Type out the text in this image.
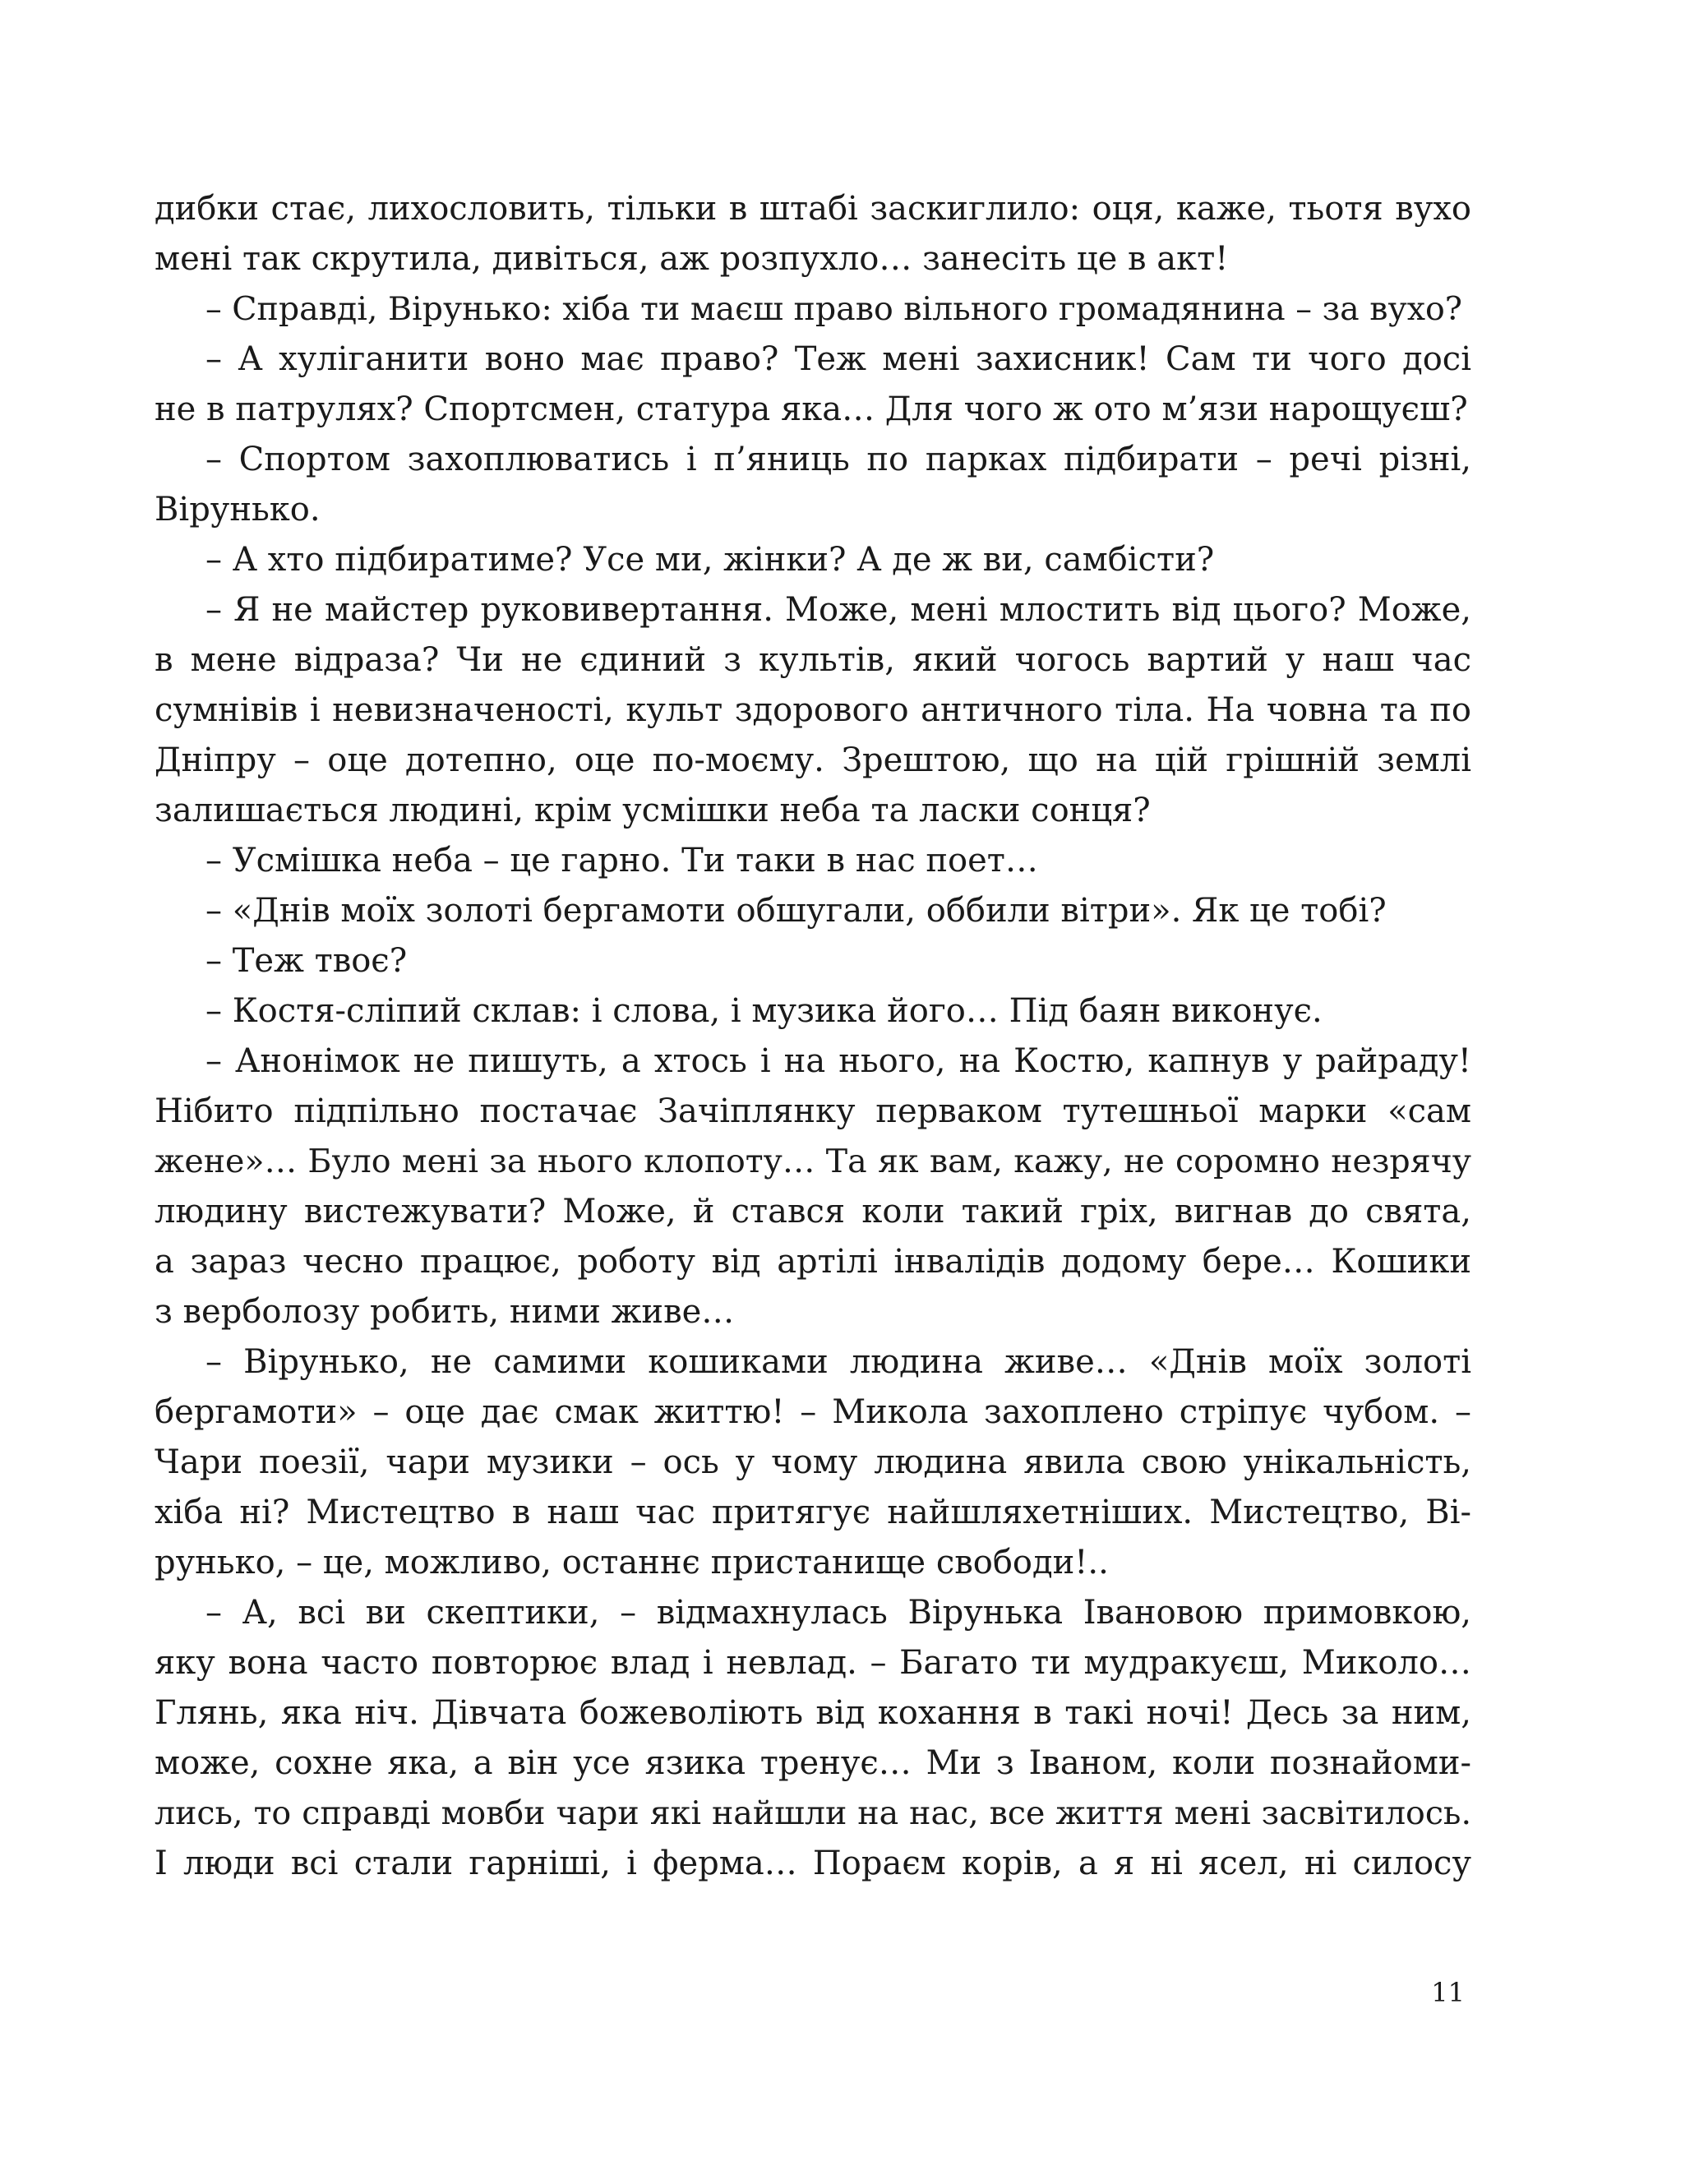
дибки стає, лихословить, тільки в штабі заскиглило: оця, каже, тьотя вухо
мені так скрутила, дивіться, аж розпухло… занесіть це в акт!
– Справді, Вірунько: хіба ти маєш право вільного громадянина – за вухо?
– А хуліганити воно має право? Теж мені захисник! Сам ти чого досі
не в патрулях? Спортсмен, статура яка… Для чого ж ото м’язи нарощуєш?
– Спортом захоплюватись і п’яниць по парках підбирати – речі різні,
Вірунько.
– А хто підбиратиме? Усе ми, жінки? А де ж ви, самбісти?
– Я не майстер руковивертання. Може, мені млостить від цього? Може,
в мене відраза? Чи не єдиний з культів, який чогось вартий у наш час
сумнівів і невизначеності, культ здорового античного тіла. На човна та по
Дніпру – оце дотепно, оце по-моєму. Зрештою, що на цій грішній землі
залишається людині, крім усмішки неба та ласки сонця?
– Усмішка неба – це гарно. Ти таки в нас поет…
– «Днів моїх золоті бергамоти обшугали, оббили вітри». Як це тобі?
– Теж твоє?
– Костя-сліпий склав: і слова, і музика його… Під баян виконує.
– Анонімок не пишуть, а хтось і на нього, на Костю, капнув у райраду!
Нібито підпільно постачає Зачіплянку перваком тутешньої марки «сам
жене»… Було мені за нього клопоту… Та як вам, кажу, не соромно незрячу
людину вистежувати? Може, й стався коли такий гріх, вигнав до свята,
а зараз чесно працює, роботу від артілі інвалідів додому бере… Кошики
з верболозу робить, ними живе…
– Вірунько, не самими кошиками людина живе… «Днів моїх золоті
бергамоти» – оце дає смак життю! – Микола захоплено стріпує чубом. –
Чари поезії, чари музики – ось у чому людина явила свою унікальність,
хіба ні? Мистецтво в наш час притягує найшляхетніших. Мистецтво, Ві-
рунько, – це, можливо, останнє пристанище свободи!..
– А, всі ви скептики, – відмахнулась Вірунька Івановою примовкою,
яку вона часто повторює влад і невлад. – Багато ти мудракуєш, Миколо…
Глянь, яка ніч. Дівчата божеволіють від кохання в такі ночі! Десь за ним,
може, сохне яка, а він усе язика тренує… Ми з Іваном, коли познайоми-
лись, то справді мовби чари які найшли на нас, все життя мені засвітилось.
І люди всі стали гарніші, і ферма… Пораєм корів, а я ні ясел, ні силосу
11
